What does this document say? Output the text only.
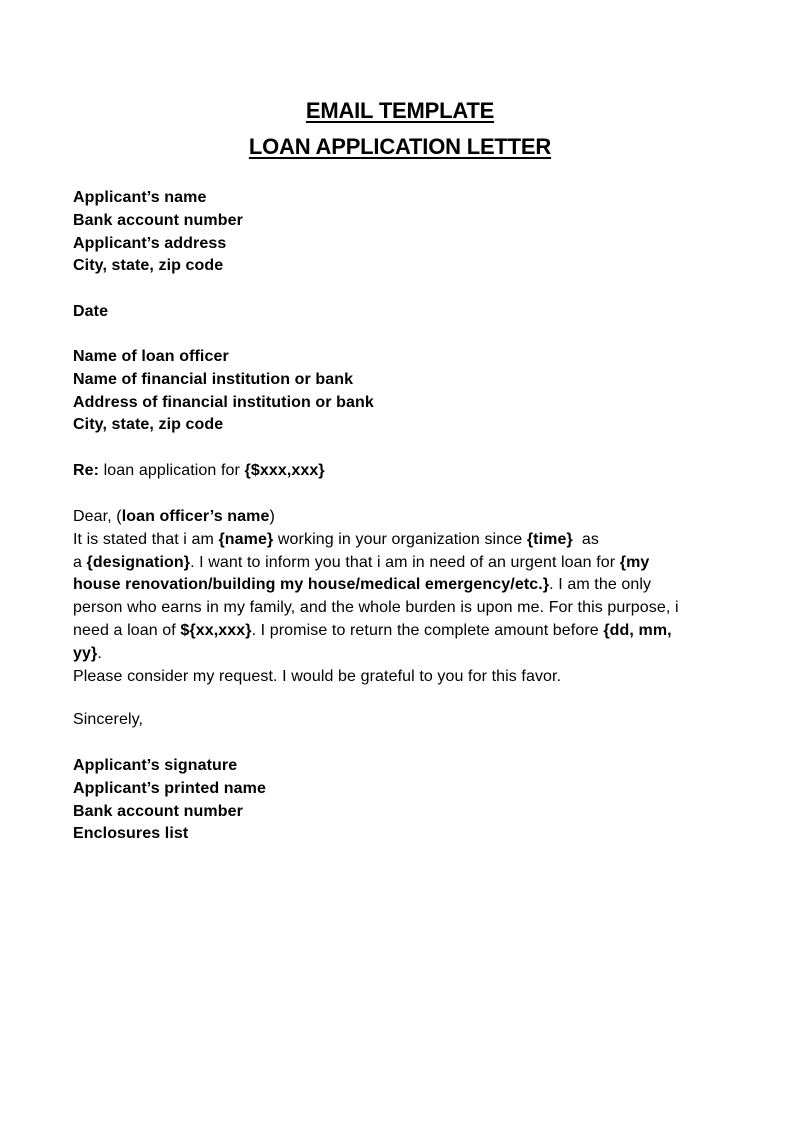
EMAIL TEMPLATE
LOAN APPLICATION LETTER
Applicant’s name
Bank account number
Applicant’s address
City, state, zip code
Date
Name of loan officer
Name of financial institution or bank
Address of financial institution or bank
City, state, zip code
Re: loan application for {$xxx,xxx}
Dear, (loan officer’s name)
It is stated that i am {name} working in your organization since {time}  as
a {designation}. I want to inform you that i am in need of an urgent loan for {my
house renovation/building my house/medical emergency/etc.}. I am the only
person who earns in my family, and the whole burden is upon me. For this purpose, i
need a loan of ${xx,xxx}. I promise to return the complete amount before {dd, mm,
yy}.
Please consider my request. I would be grateful to you for this favor.
Sincerely,
Applicant’s signature
Applicant’s printed name
Bank account number
Enclosures list
